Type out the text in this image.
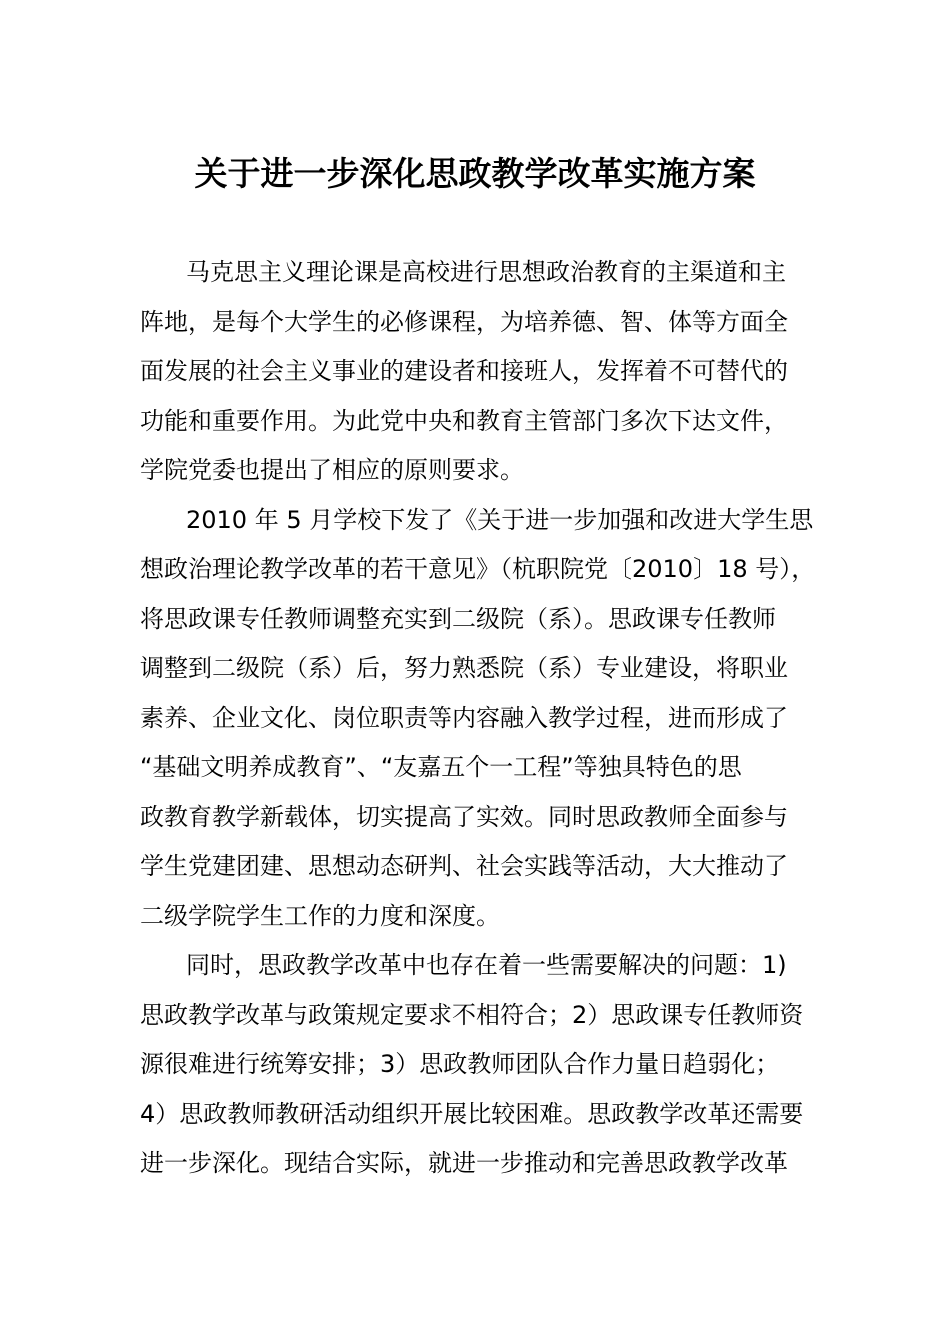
关于进一步深化思政教学改革实施方案
马克思主义理论课是高校进行思想政治教育的主渠道和主
阵地，是每个大学生的必修课程，为培养德、智、体等方面全
面发展的社会主义事业的建设者和接班人，发挥着不可替代的
功能和重要作用。为此党中央和教育主管部门多次下达文件，
学院党委也提出了相应的原则要求。
2010 年 5 月学校下发了《关于进一步加强和改进大学生思
想政治理论教学改革的若干意见》（杭职院党〔2010〕18 号），
将思政课专任教师调整充实到二级院（系）。思政课专任教师
调整到二级院（系）后，努力熟悉院（系）专业建设，将职业
素养、企业文化、岗位职责等内容融入教学过程，进而形成了
“基础文明养成教育”、“友嘉五个一工程”等独具特色的思
政教育教学新载体，切实提高了实效。同时思政教师全面参与
学生党建团建、思想动态研判、社会实践等活动，大大推动了
二级学院学生工作的力度和深度。
同时，思政教学改革中也存在着一些需要解决的问题：1)
思政教学改革与政策规定要求不相符合；2）思政课专任教师资
源很难进行统筹安排；3）思政教师团队合作力量日趋弱化；
4）思政教师教研活动组织开展比较困难。思政教学改革还需要
进一步深化。现结合实际，就进一步推动和完善思政教学改革
